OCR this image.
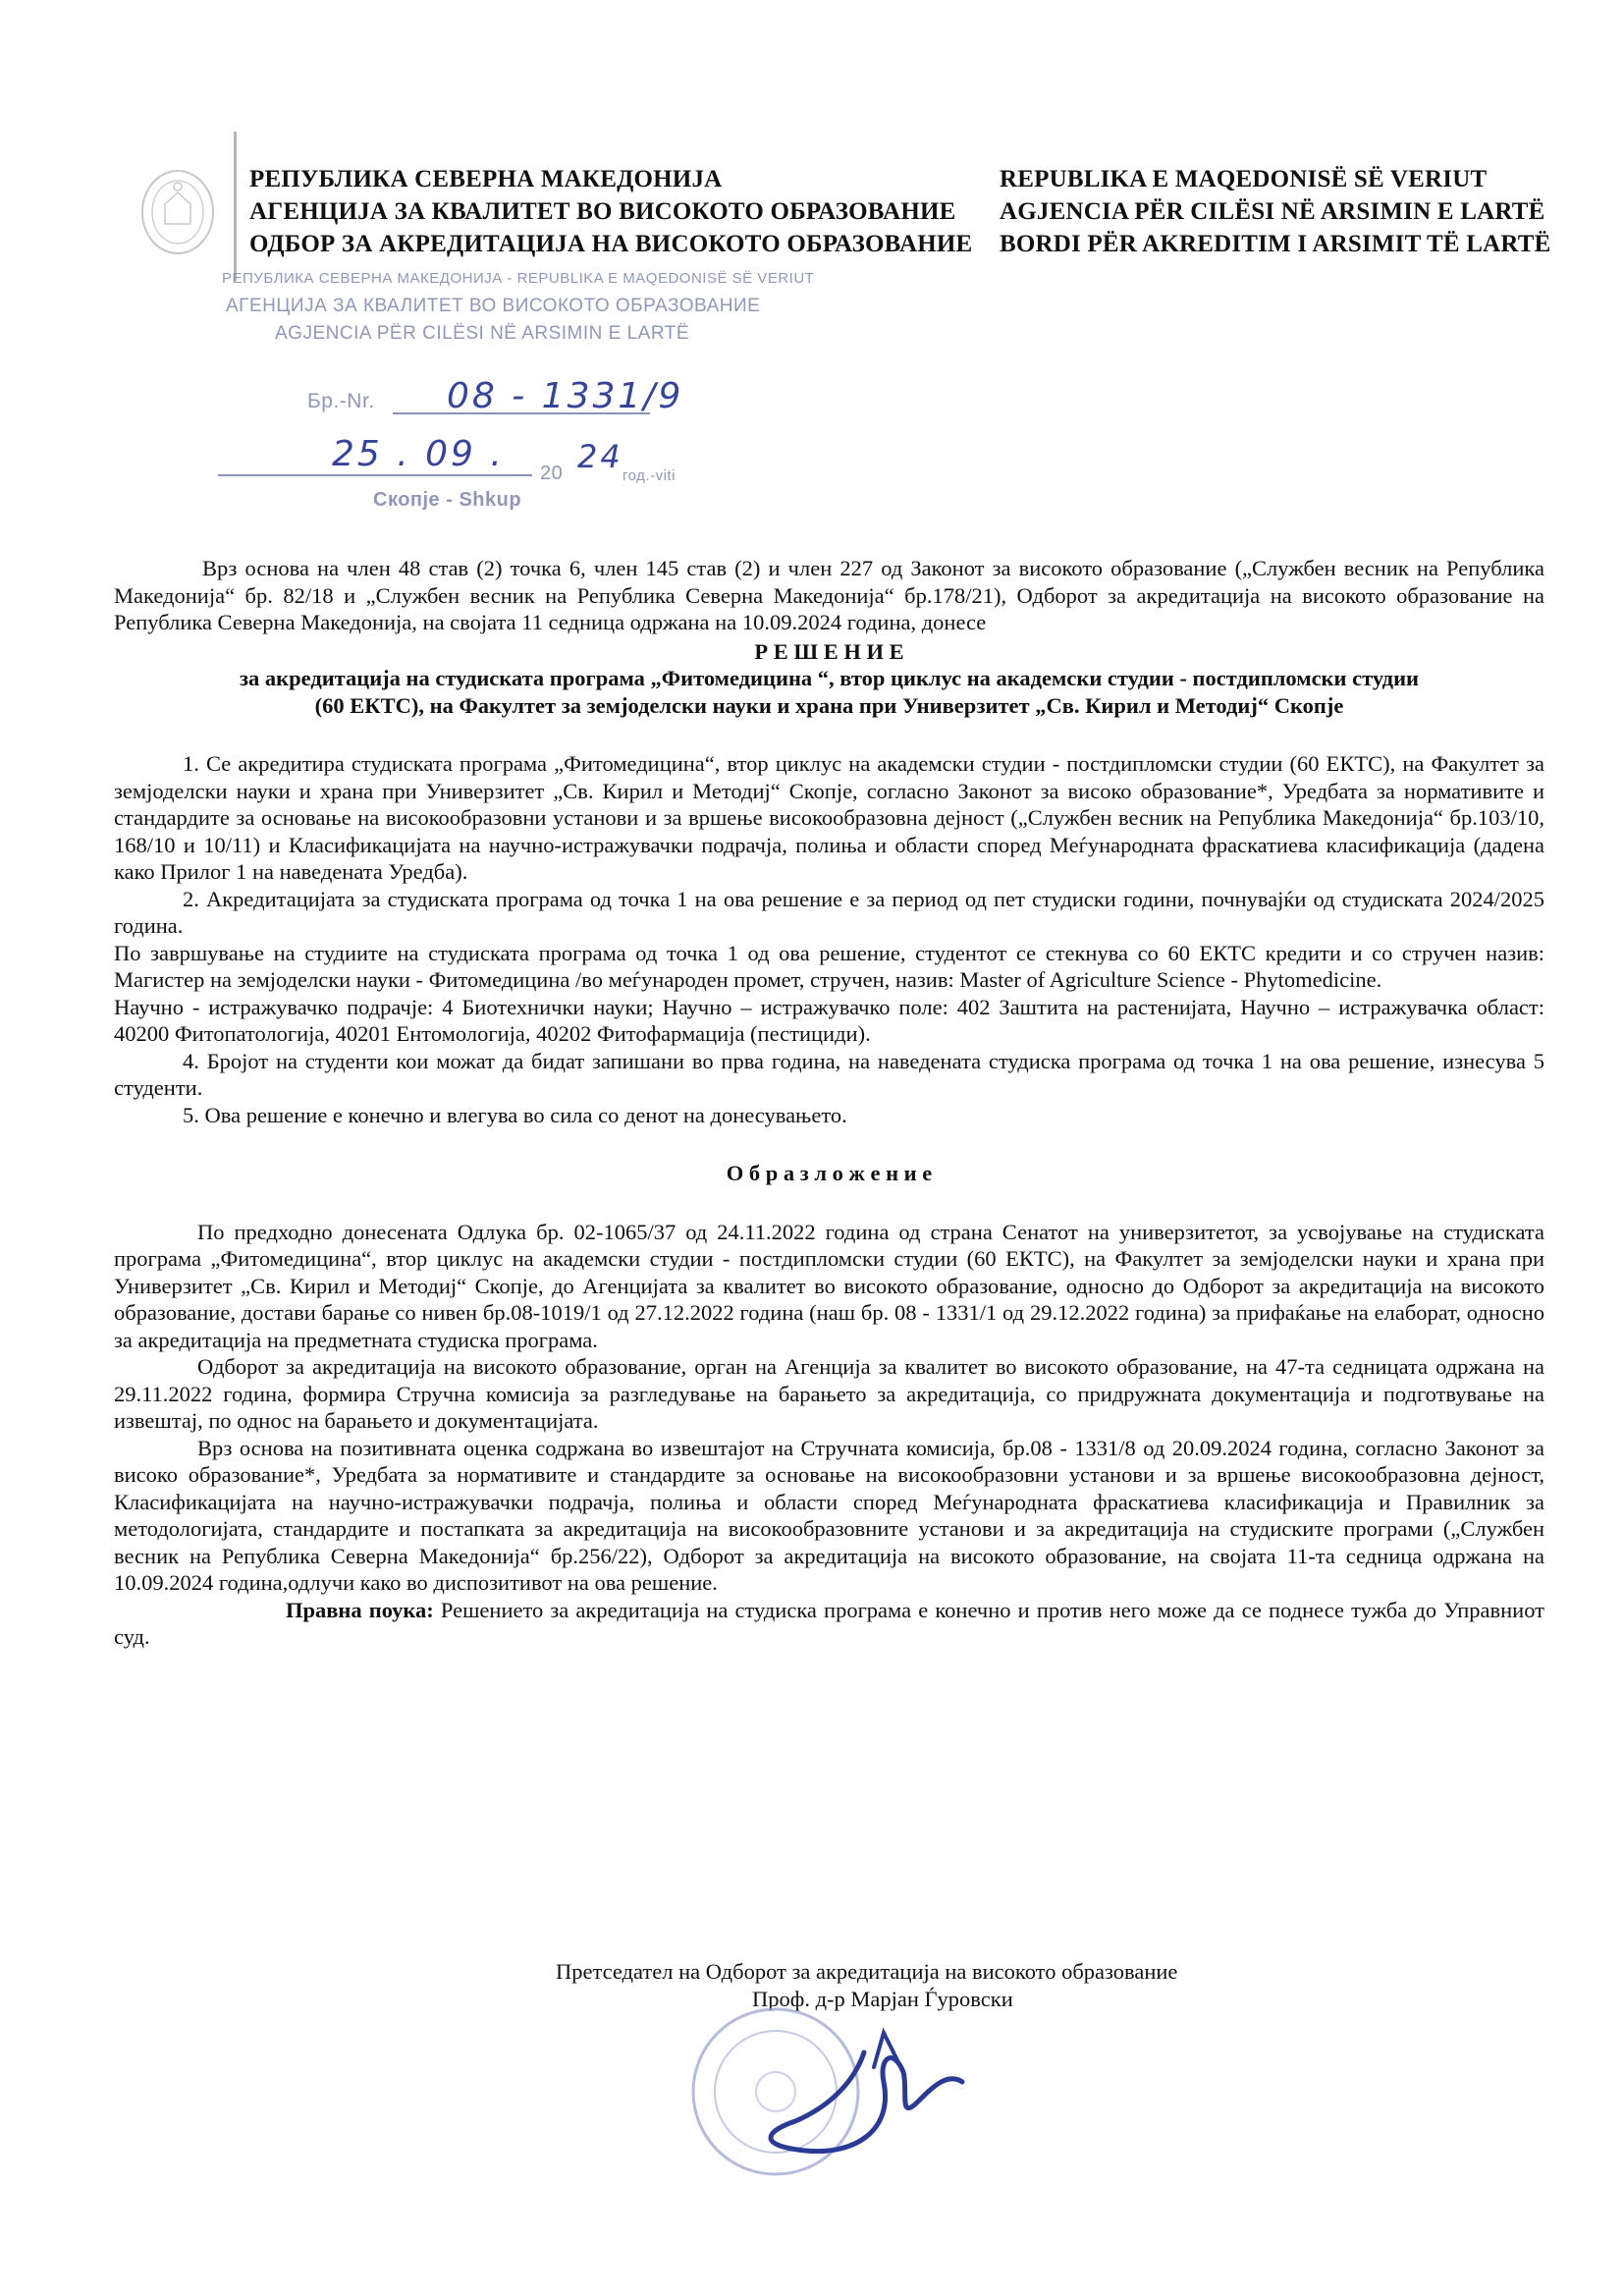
РЕПУБЛИКА СЕВЕРНА МАКЕДОНИЈА
АГЕНЦИЈА ЗА КВАЛИТЕТ ВО ВИСОКОТО ОБРАЗОВАНИЕ
ОДБОР ЗА АКРЕДИТАЦИЈА НА ВИСОКОТО ОБРАЗОВАНИЕ
REPUBLIKA E MAQEDONISË SË VERIUT
AGJENCIA PËR CILËSI NË ARSIMIN E LARTË
BORDI PËR AKREDITIM I ARSIMIT TË LARTË
РЕПУБЛИКА СЕВЕРНА МАКЕДОНИЈА - REPUBLIKA E MAQEDONISË SË VERIUT
АГЕНЦИЈА ЗА КВАЛИТЕТ ВО ВИСОКОТО ОБРАЗОВАНИЕ
AGJENCIA PËR CILËSI NË ARSIMIN E LARTË
Бр.-Nr. 08 - 1331/9
25 . 09 . 20 24
год.-viti
Скопје - Shkup

Врз основа на член 48 став (2) точка 6, член 145 став (2) и член 227 од Законот за високото образование („Службен весник на Република Македонија“ бр. 82/18 и „Службен весник на Република Северна Македонија“ бр.178/21), Одборот за акредитација на високото образование на Република Северна Македонија, на својата 11 седница одржана на 10.09.2024 година, донесе

Р Е Ш Е Н И Е

за акредитација на студиската програма „Фитомедицина “, втор циклус на академски студии - постдипломски студии

(60 ЕКТС), на Факултет за земјоделски науки и храна при Универзитет „Св. Кирил и Методиј“ Скопје

1. Се акредитира студиската програма „Фитомедицина“, втор циклус на академски студии - постдипломски студии (60 ЕКТС), на Факултет за земјоделски науки и храна при Универзитет „Св. Кирил и Методиј“ Скопје, согласно Законот за високо образование*, Уредбата за нормативите и стандардите за основање на високообразовни установи и за вршење високообразовна дејност („Службен весник на Република Македонија“ бр.103/10, 168/10 и 10/11) и Класификацијата на научно-истражувачки подрачја, полиња и области според Меѓународната фраскатиева класификација (дадена како Прилог 1 на наведената Уредба).

2. Акредитацијата за студиската програма од точка 1 на ова решение е за период од пет студиски години, почнувајќи од студиската 2024/2025 година.

По завршување на студиите на студиската програма од точка 1 од ова решение, студентот се стекнува со 60 ЕКТС кредити и со стручен назив: Магистер на земјоделски науки - Фитомедицина /во меѓународен промет, стручен, назив: Master of Agriculture Science - Phytomedicine.

Научно - истражувачко подрачје: 4 Биотехнички науки; Научно – истражувачко поле: 402 Заштита на растенијата, Научно – истражувачка област: 40200 Фитопатологија, 40201 Ентомологија, 40202 Фитофармација (пестициди).

4. Бројот на студенти кои можат да бидат запишани во прва година, на наведената студиска програма од точка 1 на ова решение, изнесува 5 студенти.

5. Ова решение е конечно и влегува во сила со денот на донесувањето.

О б р а з л о ж е н и е

По предходно донесената Одлука бр. 02-1065/37 од 24.11.2022 година од страна Сенатот на универзитетот, за усвојување на студиската програма „Фитомедицина“, втор циклус на академски студии - постдипломски студии (60 ЕКТС), на Факултет за земјоделски науки и храна при Универзитет „Св. Кирил и Методиј“ Скопје, до Агенцијата за квалитет во високото образование, односно до Одборот за акредитација на високото образование, достави барање со нивен бр.08-1019/1 од 27.12.2022 година (наш бр. 08 - 1331/1 од 29.12.2022 година) за прифаќање на елаборат, односно за акредитација на предметната студиска програма.

Одборот за акредитација на високото образование, орган на Агенција за квалитет во високото образование, на 47-та седницата одржана на 29.11.2022 година, формира Стручна комисија за разгледување на барањето за акредитација, со придружната документација и подготвување на извештај, по однос на барањето и документацијата.

Врз основа на позитивната оценка содржана во извештајот на Стручната комисија, бр.08 - 1331/8 од 20.09.2024 година, согласно Законот за високо образование*, Уредбата за нормативите и стандардите за основање на високообразовни установи и за вршење високообразовна дејност, Класификацијата на научно-истражувачки подрачја, полиња и области според Меѓународната фраскатиева класификација и Правилник за методологијата, стандардите и постапката за акредитација на високообразовните установи и за акредитација на студиските програми („Службен весник на Република Северна Македонија“ бр.256/22), Одборот за акредитација на високото образование, на својата 11-та седница одржана на 10.09.2024 година,одлучи како во диспозитивот на ова решение.

Правна поука: Решението за акредитација на студиска програма е конечно и против него може да се поднесе тужба до Управниот суд.

Претседател на Одборот за акредитација на високото образование
Проф. д-р Марјан Ѓуровски
